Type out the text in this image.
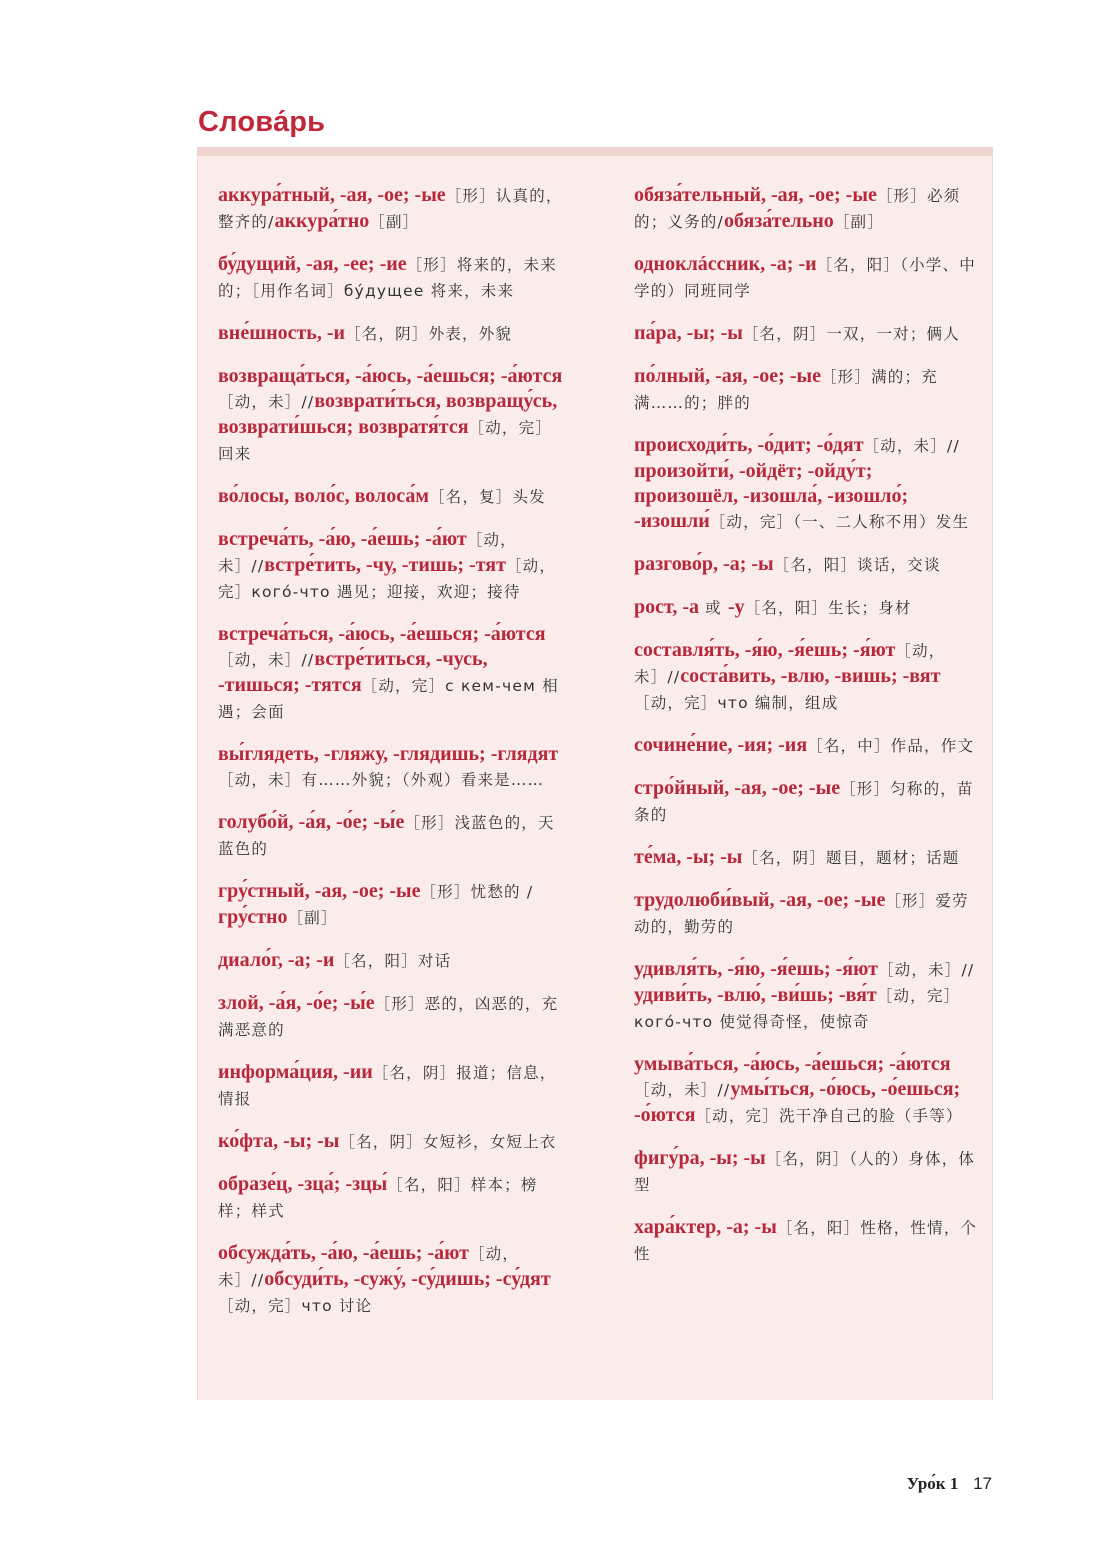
Слова́рь
аккура́тный, -ая, -ое; -ые［形］认真的，整齐的/аккура́тно［副］
бу́дущий, -ая, -ее; -ие［形］将来的，未来的；［用作名词］бу́дущее 将来，未来
вне́шность, -и［名，阴］外表，外貌
возвраща́ться, -а́юсь, -а́ешься; -а́ются［动，未］//возврати́ться, возвращу́сь, возврати́шься; возвратя́тся［动，完］回来
во́лосы, воло́с, волоса́м［名，复］头发
встреча́ть, -а́ю, -а́ешь; -а́ют［动，未］//встре́тить, -чу, -тишь; -тят［动，完］кого́-что 遇见；迎接，欢迎；接待
встреча́ться, -а́юсь, -а́ешься; -а́ются［动，未］//встре́титься, -чусь, -тишься; -тятся［动，完］с кем-чем 相遇；会面
вы́глядеть, -гляжу, -глядишь; -глядят［动，未］有……外貌；（外观）看来是……
голубо́й, -а́я, -о́е; -ы́е［形］浅蓝色的，天蓝色的
гру́стный, -ая, -ое; -ые［形］忧愁的 /гру́стно［副］
диало́г, -а; -и［名，阳］对话
злой, -а́я, -о́е; -ы́е［形］恶的，凶恶的，充满恶意的
информа́ция, -ии［名，阴］报道；信息，情报
ко́фта, -ы; -ы［名，阴］女短衫，女短上衣
образе́ц, -зца́; -зцы́［名，阳］样本；榜样；样式
обсужда́ть, -а́ю, -а́ешь; -а́ют［动，未］//обсуди́ть, -сужу́, -су́дишь; -су́дят［动，完］что 讨论
обяза́тельный, -ая, -ое; -ые［形］必须的；义务的/обяза́тельно［副］
одноклáссник, -а; -и［名，阳］（小学、中学的）同班同学
па́ра, -ы; -ы［名，阴］一双，一对；俩人
по́лный, -ая, -ое; -ые［形］满的；充满……的；胖的
происходи́ть, -о́дит; -о́дят［动，未］//произойти́, -ойдёт; -ойду́т; произошёл, -изошла́, -изошло́; -изошли́［动，完］（一、二人称不用）发生
разгово́р, -а; -ы［名，阳］谈话，交谈
рост, -а 或 -у［名，阳］生长；身材
составля́ть, -я́ю, -я́ешь; -я́ют［动，未］//соста́вить, -влю, -вишь; -вят［动，完］что 编制，组成
сочине́ние, -ия; -ия［名，中］作品，作文
стро́йный, -ая, -ое; -ые［形］匀称的，苗条的
те́ма, -ы; -ы［名，阴］题目，题材；话题
трудолюби́вый, -ая, -ое; -ые［形］爱劳动的，勤劳的
удивля́ть, -я́ю, -я́ешь; -я́ют［动，未］//удиви́ть, -влю́, -ви́шь; -вя́т［动，完］кого́-что 使觉得奇怪，使惊奇
умыва́ться, -а́юсь, -а́ешься; -а́ются［动，未］//умы́ться, -о́юсь, -о́ешься; -о́ются［动，完］洗干净自己的脸（手等）
фигу́ра, -ы; -ы［名，阴］（人的）身体，体型
хара́ктер, -а; -ы［名，阳］性格，性情，个性
Уро́к 1 17
